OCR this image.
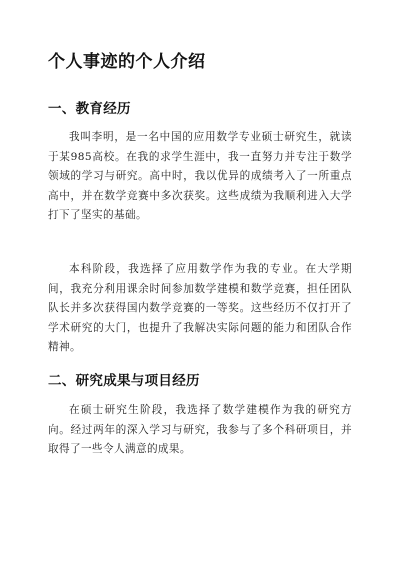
个人事迹的个人介绍
一、教育经历

我叫李明，是一名中国的应用数学专业硕士研究生，就读于某985高校。在我的求学生涯中，我一直努力并专注于数学领域的学习与研究。高中时，我以优异的成绩考入了一所重点高中，并在数学竞赛中多次获奖。这些成绩为我顺利进入大学打下了坚实的基础。

本科阶段，我选择了应用数学作为我的专业。在大学期间，我充分利用课余时间参加数学建模和数学竞赛，担任团队队长并多次获得国内数学竞赛的一等奖。这些经历不仅打开了学术研究的大门，也提升了我解决实际问题的能力和团队合作精神。

二、研究成果与项目经历

在硕士研究生阶段，我选择了数学建模作为我的研究方向。经过两年的深入学习与研究，我参与了多个科研项目，并取得了一些令人满意的成果。
